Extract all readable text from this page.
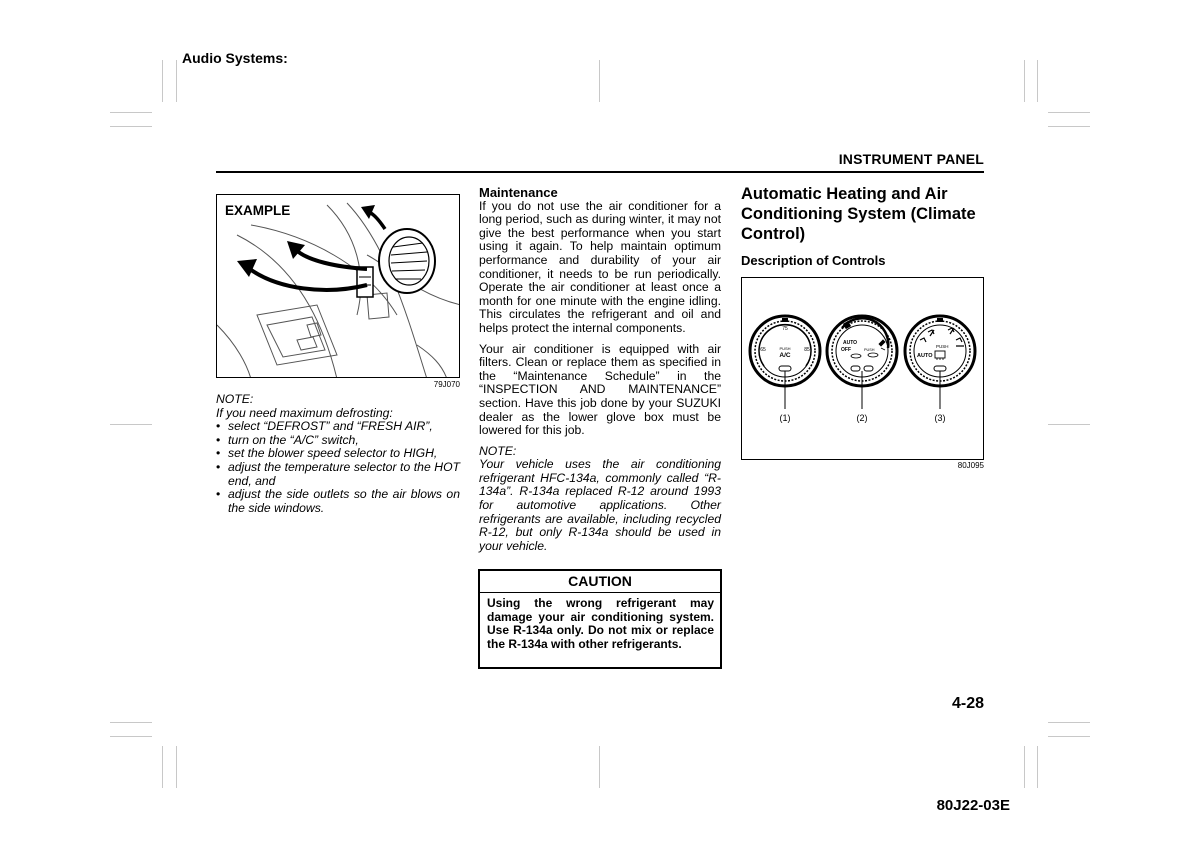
Audio Systems:
INSTRUMENT PANEL
EXAMPLE
79J070
NOTE:
If you need maximum defrosting:
• select “DEFROST” and “FRESH AIR”,
• turn on the “A/C” switch,
• set the blower speed selector to HIGH,
• adjust the temperature selector to the HOT end, and
• adjust the side outlets so the air blows on the side windows.
Maintenance

If you do not use the air conditioner for a long period, such as during winter, it may not give the best performance when you start using it again. To help maintain optimum performance and durability of your air conditioner, it needs to be run periodically. Operate the air conditioner at least once a month for one minute with the engine idling. This circulates the refrigerant and oil and helps protect the internal components.

Your air conditioner is equipped with air filters. Clean or replace them as specified in the “Maintenance Schedule” in the “INSPECTION AND MAINTENANCE” section. Have this job done by your SUZUKI dealer as the lower glove box must be lowered for this job.

NOTE:

Your vehicle uses the air conditioning refrigerant HFC-134a, commonly called “R-134a”. R-134a replaced R-12 around 1993 for automotive applications. Other refrigerants are available, including recycled R-12, but only R-134a should be used in your vehicle.

CAUTION
Using the wrong refrigerant may damage your air conditioning system. Use R-134a only. Do not mix or replace the R-134a with other refrigerants.
Automatic Heating and Air Conditioning System (Climate Control)
Description of Controls
75
65	85
PUSH
A/C
AUTO
OFF	PUSH
PUSH
AUTO
(1)	(2)	(3)
80J095
4-28
80J22-03E
